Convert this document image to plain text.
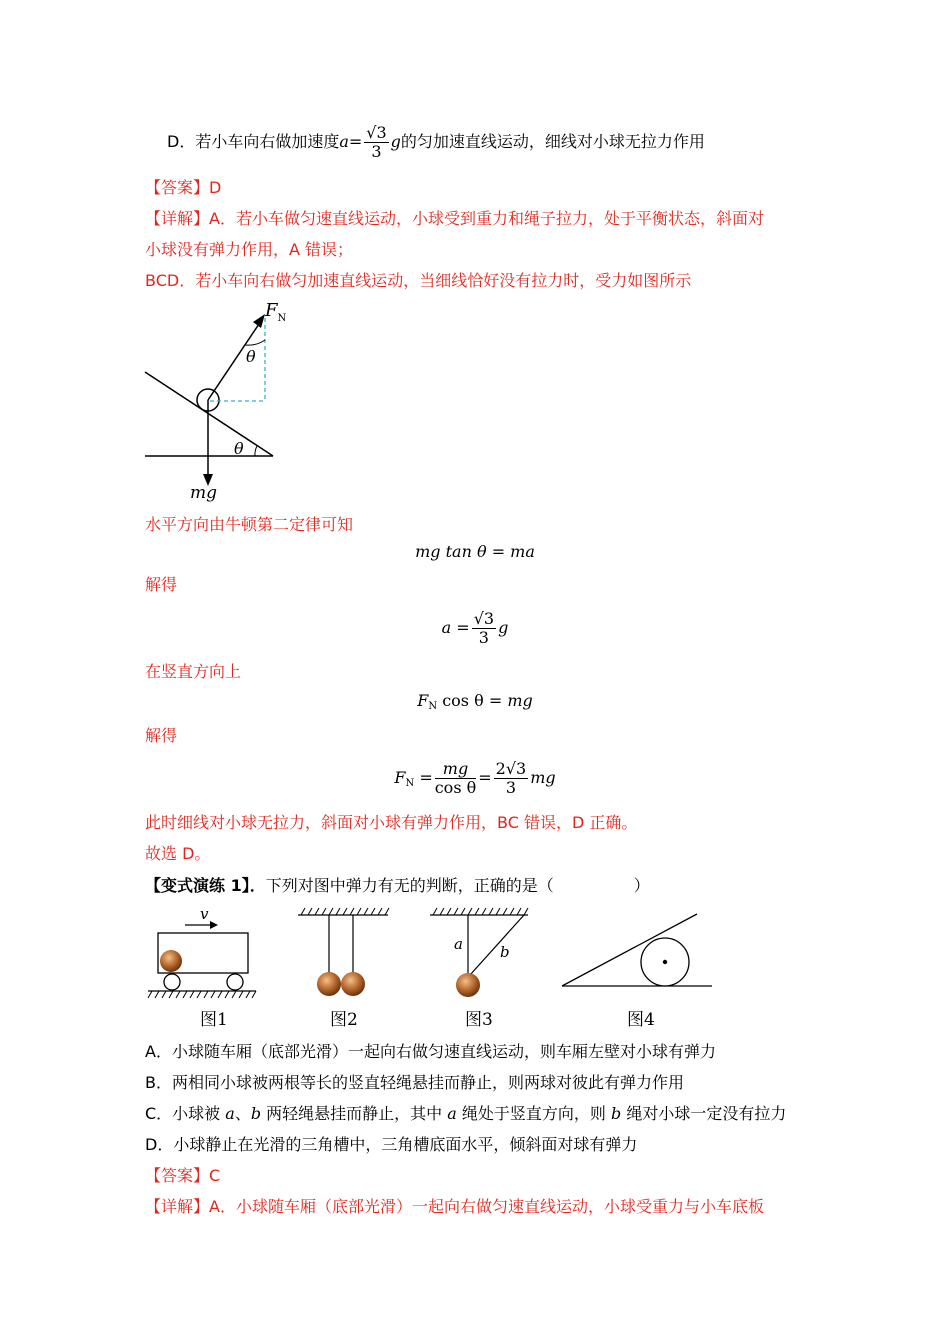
D．若小车向右做加速度$a= \frac{√3}{3}$ g的匀加速直线运动，细线对小球无拉力作用
【答案】D
【详解】A．若小车做匀速直线运动，小球受到重力和绳子拉力，处于平衡状态，斜面对
小球没有弹力作用，A 错误；
BCD．若小车向右做匀加速直线运动，当细线恰好没有拉力时，受力如图所示
$F_N$
θ
θ
mg
水平方向由牛顿第二定律可知
mg tan θ = ma
解得
$a = \frac{√3}{3}$ g
在竖直方向上
$F_N$ cos θ = mg
解得
$F_N = \frac{mg}{\text{cos θ}} = \frac{2√3}{3}$ mg
此时细线对小球无拉力，斜面对小球有弹力作用，BC 错误，D 正确。
故选 D。
【变式演练 1】．下列对图中弹力有无的判断，正确的是（　　　　　）
v
a b
图1	图2	图3	图4
A．小球随车厢（底部光滑）一起向右做匀速直线运动，则车厢左壁对小球有弹力
B．两相同小球被两根等长的竖直轻绳悬挂而静止，则两球对彼此有弹力作用
C．小球被 a、b 两轻绳悬挂而静止，其中 a 绳处于竖直方向，则 b 绳对小球一定没有拉力
D．小球静止在光滑的三角槽中，三角槽底面水平，倾斜面对球有弹力
【答案】C
【详解】A．小球随车厢（底部光滑）一起向右做匀速直线运动，小球受重力与小车底板
